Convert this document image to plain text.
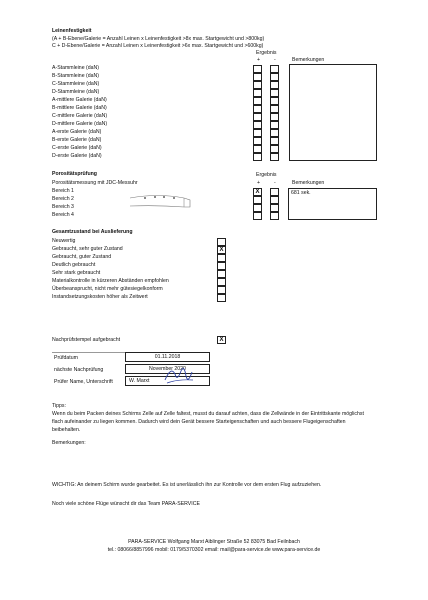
Leinenfestigkeit
(A + B-Ebene/Galerie = Anzahl Leinen x Leinenfestigkeit >8x max. Startgewicht und >800kg)
C + D-Ebene/Galerie = Anzahl Leinen x Leinenfestigkeit >6x max. Startgewicht und >600kg)
Ergebnis
+	-	Bemerkungen
A-Stammleine (daN)
B-Stammleine (daN)
C-Stammleine (daN)
D-Stammleine (daN)
A-mittlere Galerie (daN)
B-mittlere Galerie (daN)
C-mittlere Galerie (daN)
D-mittlere Galerie (daN)
A-erste Galerie (daN)
B-erste Galerie (daN)
C-erste Galerie (daN)
D-erste Galerie (daN)
Porositätsprüfung	Ergebnis
Porositätsmessung mit JDC-Messuhr	+	-	Bemerkungen
Bereich 1	X
Bereich 2
Bereich 3
Bereich 4
681 sek.
Gesamtzustand bei Auslieferung
Neuwertig
Gebraucht, sehr guter Zustand	X
Gebraucht, guter Zustand
Deutlich gebraucht
Sehr stark gebraucht
Materialkontrolle in kürzeren Abständen empfohlen
Überbeansprucht, nicht mehr gütesiegelkonform
Instandsetzungskosten höher als Zeitwert
Nachprüfstempel aufgebracht	X
Prüfdatum	01.11.2018
nächste Nachprüfung	November 2020
Prüfer Name, Unterschrift	W. Marxt
Tipps:
Wenn du beim Packen deines Schirms Zelle auf Zelle faltest, musst du darauf achten, dass die Zellwände in der Eintrittskante möglichst
flach aufeinander zu liegen kommen. Dadurch wird dein Gerät bessere Starteigenschaften und auch bessere Flugeigenschaften
beibehalten.
Bemerkungen:
WICHTIG: An deinem Schirm wurde gearbeitet. Es ist unerlässlich ihn zur Kontrolle vor dem ersten Flug aufzuziehen.
Noch viele schöne Flüge wünscht dir das Team PARA-SERVICE
PARA-SERVICE Wolfgang Marxt Aiblinger Straße 52 83075 Bad Feilnbach
tel.: 08066/8857996 mobil: 0179/5370302 email: mail@para-service.de www.para-service.de
